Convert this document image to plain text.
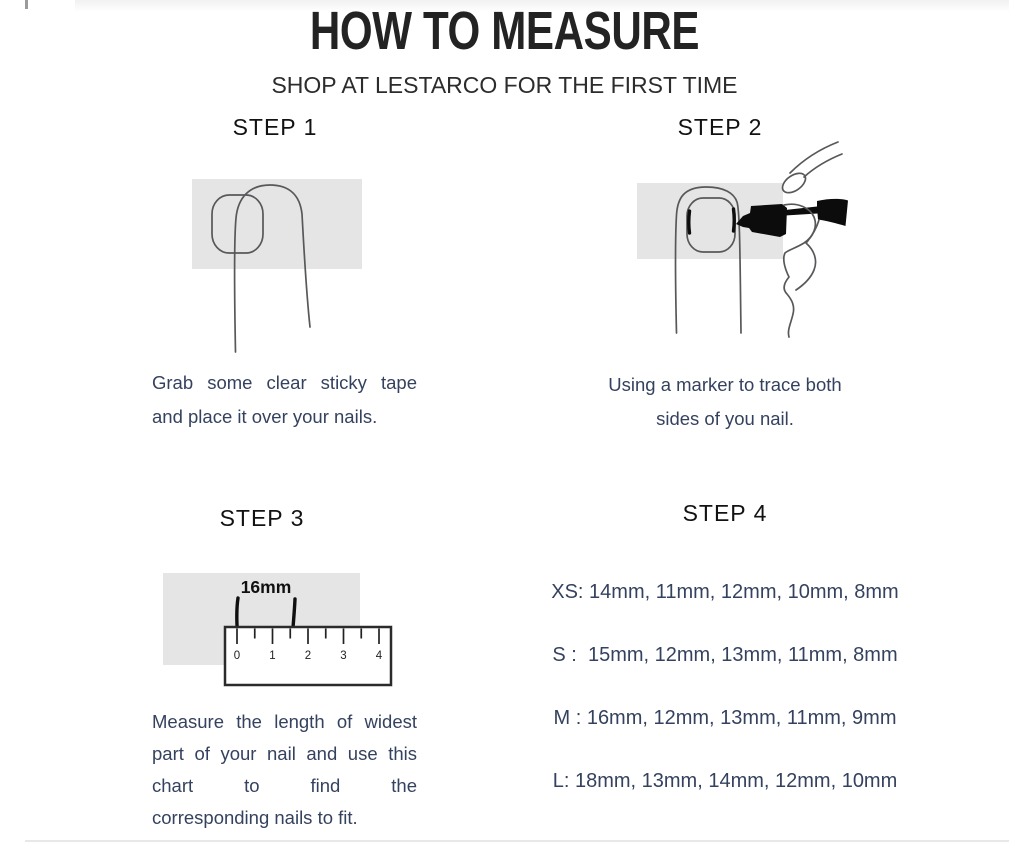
HOW TO MEASURE
SHOP AT LESTARCO FOR THE FIRST TIME
STEP 1	STEP 2
STEP 3	STEP 4
16mm
0	1	2	3	4
Grab some clear sticky tape
and place it over your nails.
Using a marker to trace both
sides of you nail.
Measure the length of widest
part of your nail and use this
chart to find the
corresponding nails to fit.
XS: 14mm, 11mm, 12mm, 10mm, 8mm
S :  15mm, 12mm, 13mm, 11mm, 8mm
M : 16mm, 12mm, 13mm, 11mm, 9mm
L: 18mm, 13mm, 14mm, 12mm, 10mm
